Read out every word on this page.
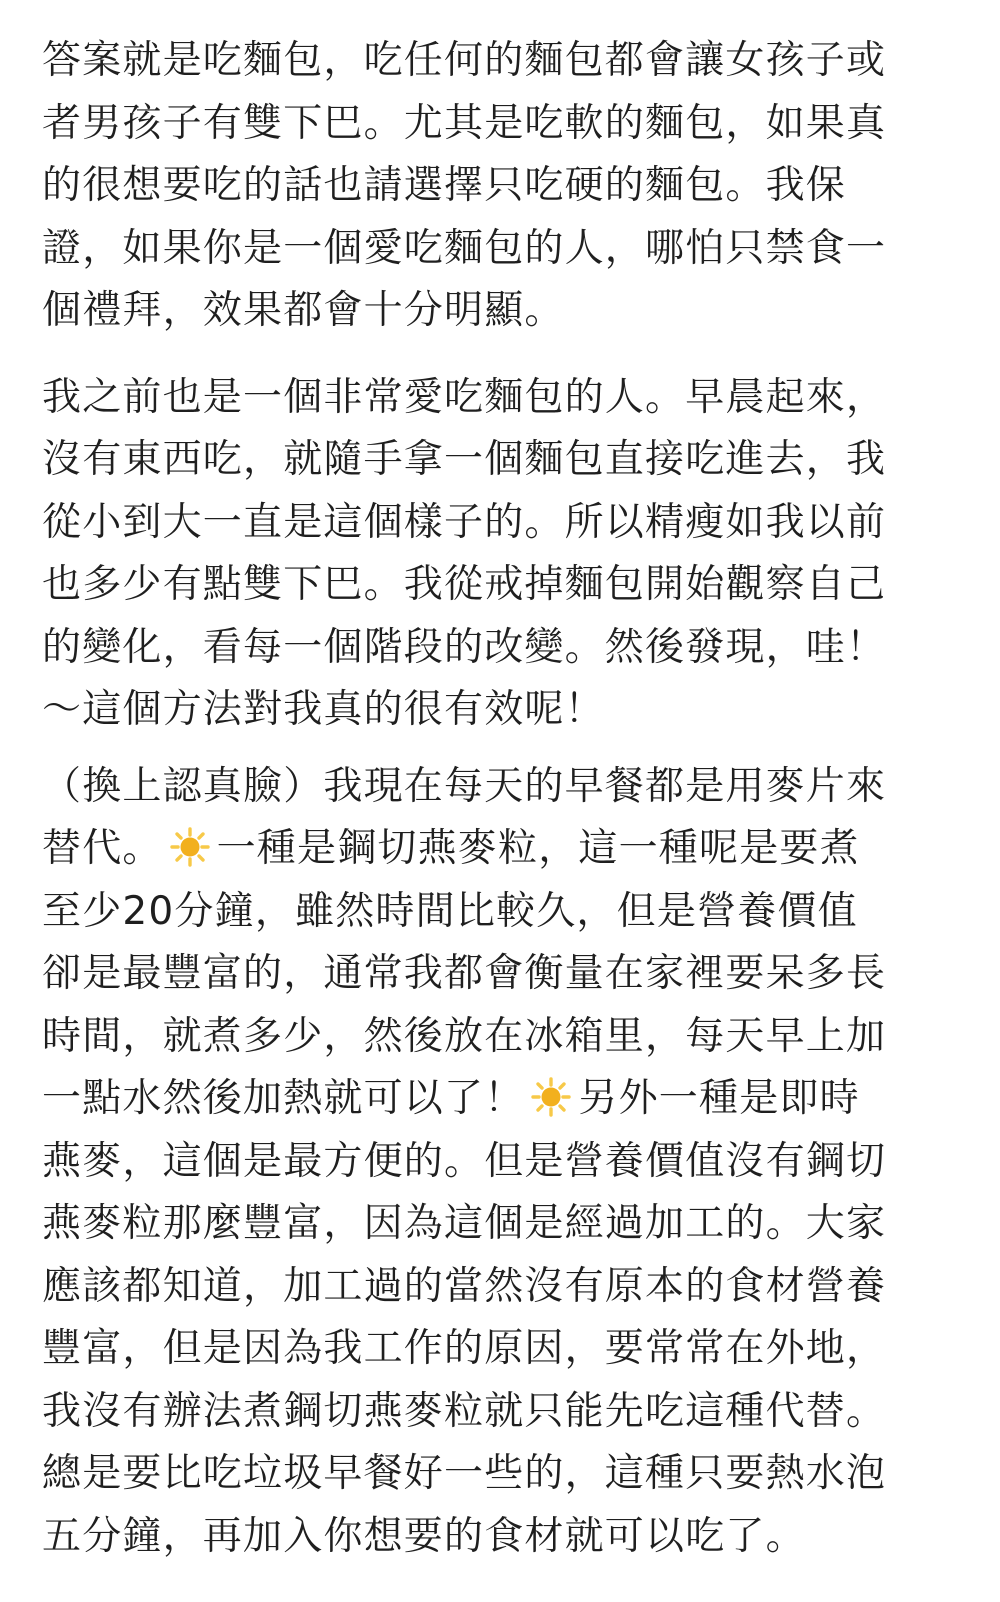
答案就是吃麵包，吃任何的麵包都會讓女孩子或
者男孩子有雙下巴。尤其是吃軟的麵包，如果真
的很想要吃的話也請選擇只吃硬的麵包。我保
證，如果你是一個愛吃麵包的人，哪怕只禁食一
個禮拜，效果都會十分明顯。
我之前也是一個非常愛吃麵包的人。早晨起來，
沒有東西吃，就隨手拿一個麵包直接吃進去，我
從小到大一直是這個樣子的。所以精瘦如我以前
也多少有點雙下巴。我從戒掉麵包開始觀察自己
的變化，看每一個階段的改變。然後發現，哇！
～這個方法對我真的很有效呢！
（換上認真臉）我現在每天的早餐都是用麥片來
替代。 一種是鋼切燕麥粒，這一種呢是要煮
至少20分鐘，雖然時間比較久，但是營養價值
卻是最豐富的，通常我都會衡量在家裡要呆多長
時間，就煮多少，然後放在冰箱里，每天早上加
一點水然後加熱就可以了！ 另外一種是即時
燕麥，這個是最方便的。但是營養價值沒有鋼切
燕麥粒那麼豐富，因為這個是經過加工的。大家
應該都知道，加工過的當然沒有原本的食材營養
豐富，但是因為我工作的原因，要常常在外地，
我沒有辦法煮鋼切燕麥粒就只能先吃這種代替。
總是要比吃垃圾早餐好一些的，這種只要熱水泡
五分鐘，再加入你想要的食材就可以吃了。
